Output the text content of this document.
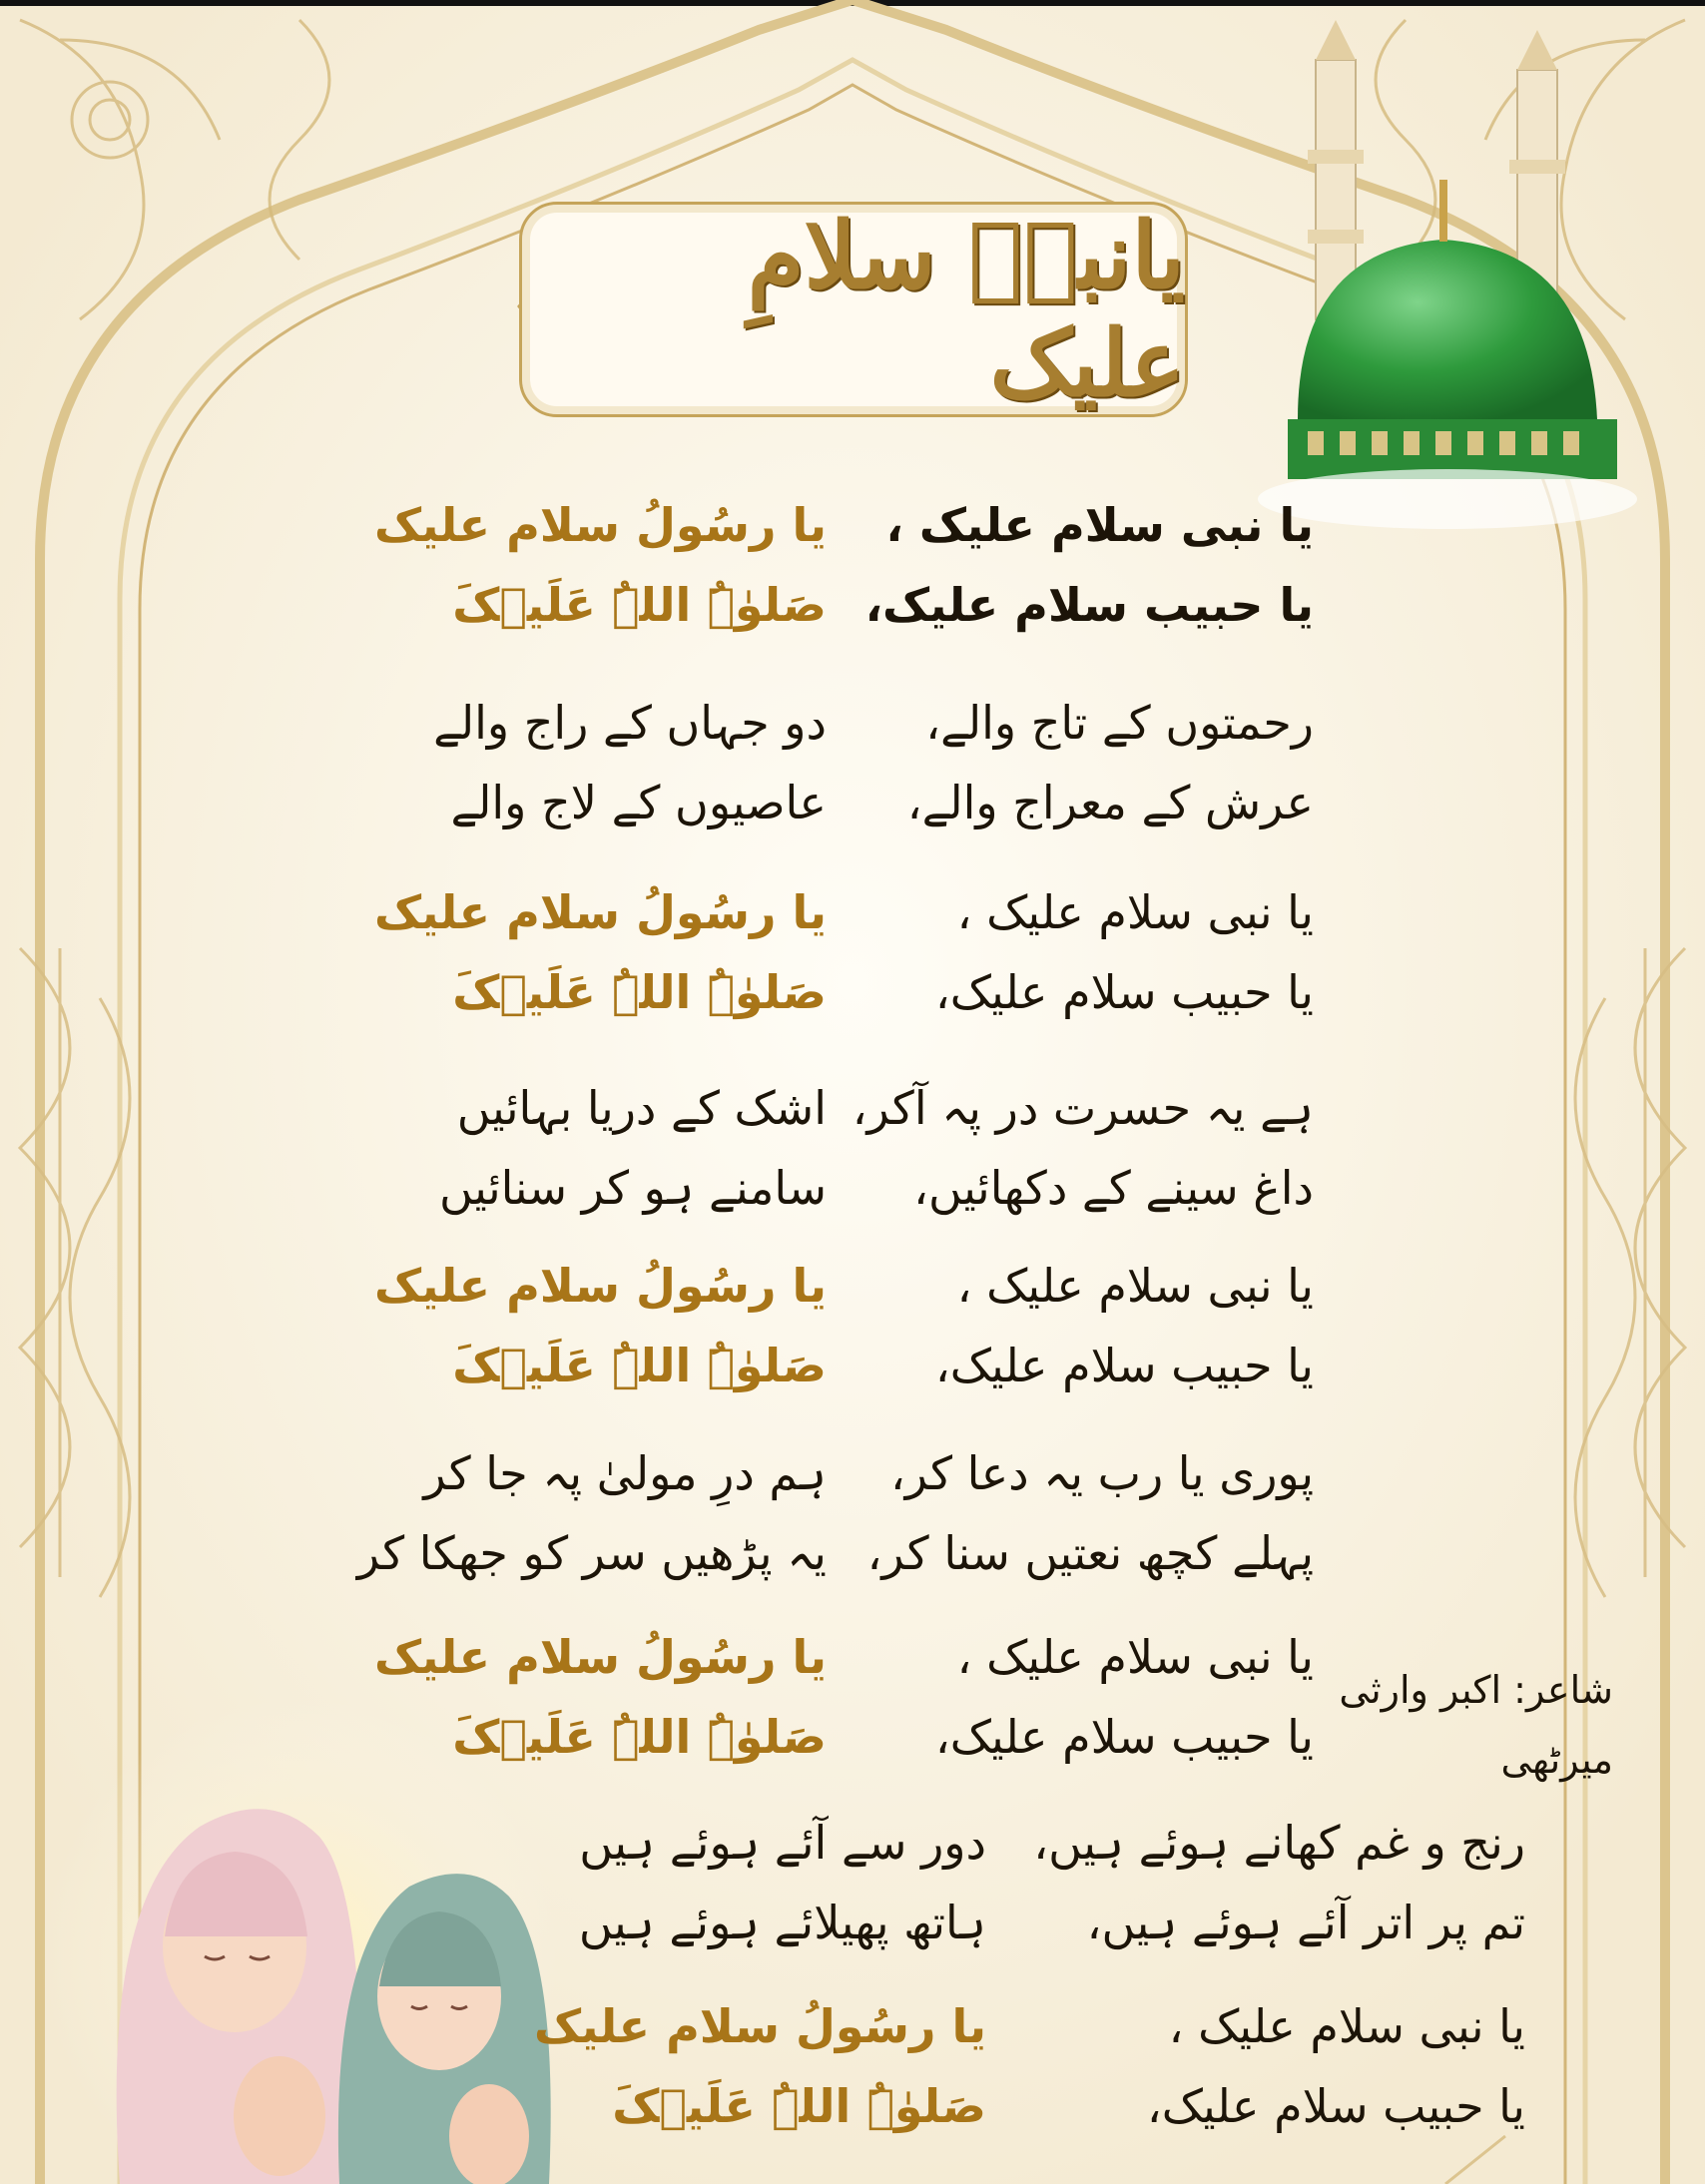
یانبیؑ سلامِ علیک
یا نبی سلام علیک ،
یا حبیب سلام علیک،
یا رسُولُ سلام علیک
صَلوٰۃُ اللہُ عَلَیۡکَ
رحمتوں کے تاج والے،
عرش کے معراج والے،
دو جہاں کے راج والے
عاصیوں کے لاج والے
یا نبی سلام علیک ،
یا حبیب سلام علیک،
یا رسُولُ سلام علیک
صَلوٰۃُ اللہُ عَلَیۡکَ
ہے یہ حسرت در پہ آکر،
داغ سینے کے دکھائیں،
اشک کے دریا بہائیں
سامنے ہو کر سنائیں
یا نبی سلام علیک ،
یا حبیب سلام علیک،
یا رسُولُ سلام علیک
صَلوٰۃُ اللہُ عَلَیۡکَ
پوری یا رب یہ دعا کر،
پہلے کچھ نعتیں سنا کر،
ہم درِ مولیٰ پہ جا کر
یہ پڑھیں سر کو جھکا کر
یا نبی سلام علیک ،
یا حبیب سلام علیک،
یا رسُولُ سلام علیک
صَلوٰۃُ اللہُ عَلَیۡکَ
شاعر: اکبر وارثی میرٹھی
رنج و غم کھانے ہوئے ہیں،
تم پر اتر آئے ہوئے ہیں،
دور سے آئے ہوئے ہیں
ہاتھ پھیلائے ہوئے ہیں
یا نبی سلام علیک ،
یا حبیب سلام علیک،
یا رسُولُ سلام علیک
صَلوٰۃُ اللہُ عَلَیۡکَ
